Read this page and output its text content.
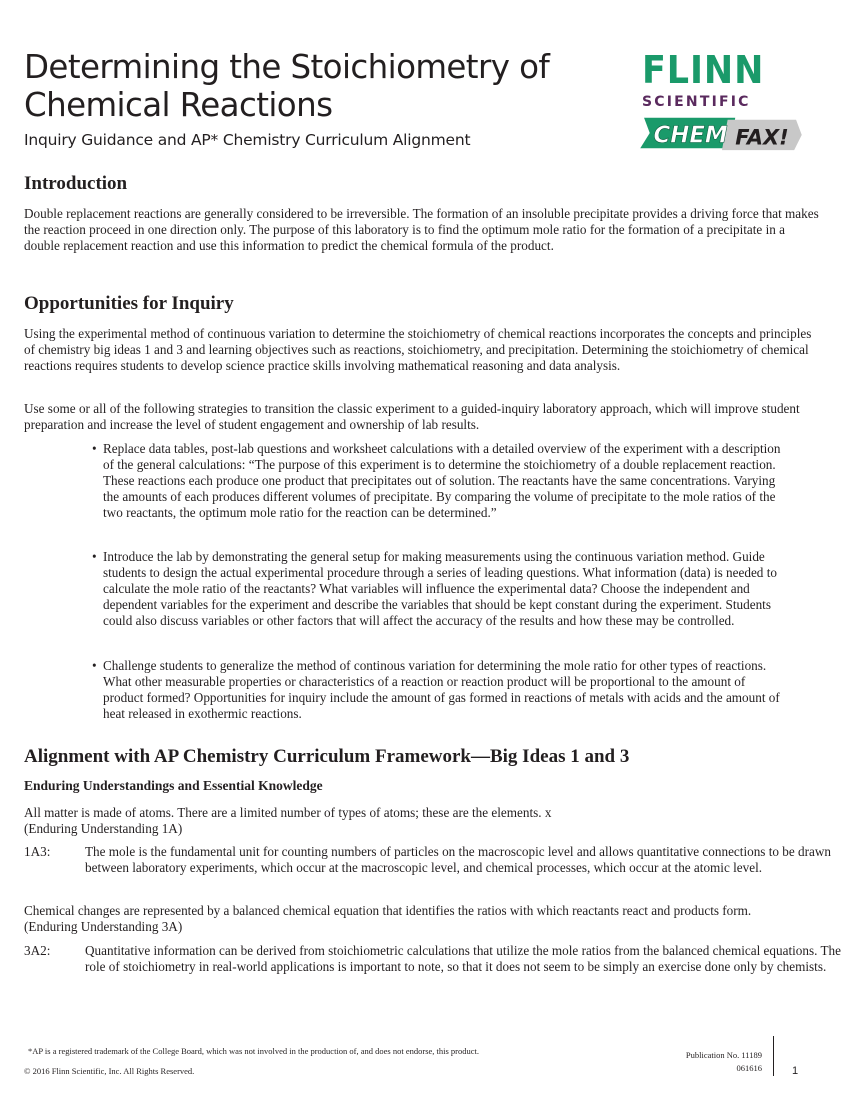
Determining the Stoichiometry of Chemical Reactions
Inquiry Guidance and AP* Chemistry Curriculum Alignment
FLINN
SCIENTIFIC
CHEM FAX!
Introduction

Double replacement reactions are generally considered to be irreversible. The formation of an insoluble precipitate provides a driving force that makes the reaction proceed in one direction only. The purpose of this laboratory is to find the optimum mole ratio for the formation of a precipitate in a double replacement reaction and use this information to predict the chemical formula of the product.

Opportunities for Inquiry

Using the experimental method of continuous variation to determine the stoichiometry of chemical reactions incorporates the concepts and principles of chemistry big ideas 1 and 3 and learning objectives such as reactions, stoichiometry, and precipitation. Determining the stoichiometry of chemical reactions requires students to develop science practice skills involving mathematical reasoning and data analysis.

Use some or all of the following strategies to transition the classic experiment to a guided-inquiry laboratory approach, which will improve student preparation and increase the level of student engagement and ownership of lab results.

• Replace data tables, post-lab questions and worksheet calculations with a detailed overview of the experiment with a description of the general calculations: “The purpose of this experiment is to determine the stoichiometry of a double replacement reaction. These reactions each produce one product that precipitates out of solution. The reactants have the same concentrations. Varying the amounts of each produces different volumes of precipitate. By comparing the volume of precipitate to the mole ratios of the two reactants, the optimum mole ratio for the reaction can be determined.”

• Introduce the lab by demonstrating the general setup for making measurements using the continuous variation method. Guide students to design the actual experimental procedure through a series of leading questions. What information (data) is needed to calculate the mole ratio of the reactants? What variables will influence the experimental data? Choose the independent and dependent variables for the experiment and describe the variables that should be kept constant during the experiment. Students could also discuss variables or other factors that will affect the accuracy of the results and how these may be controlled.

• Challenge students to generalize the method of continous variation for determining the mole ratio for other types of reactions. What other measurable properties or characteristics of a reaction or reaction product will be proportional to the amount of product formed? Opportunities for inquiry include the amount of gas formed in reactions of metals with acids and the amount of heat released in exothermic reactions.

Alignment with AP Chemistry Curriculum Framework—Big Ideas 1 and 3
Enduring Understandings and Essential Knowledge

All matter is made of atoms. There are a limited number of types of atoms; these are the elements. x (Enduring Understanding 1A)

1A3:	The mole is the fundamental unit for counting numbers of particles on the macroscopic level and allows quantitative connections to be drawn between laboratory experiments, which occur at the macroscopic level, and chemical processes, which occur at the atomic level.

Chemical changes are represented by a balanced chemical equation that identifies the ratios with which reactants react and products form. (Enduring Understanding 3A)

3A2:	Quantitative information can be derived from stoichiometric calculations that utilize the mole ratios from the balanced chemical equations. The role of stoichiometry in real-world applications is important to note, so that it does not seem to be simply an exercise done only by chemists.

*AP is a registered trademark of the College Board, which was not involved in the production of, and does not endorse, this product.
© 2016 Flinn Scientific, Inc. All Rights Reserved.
Publication No. 11189
061616	1
